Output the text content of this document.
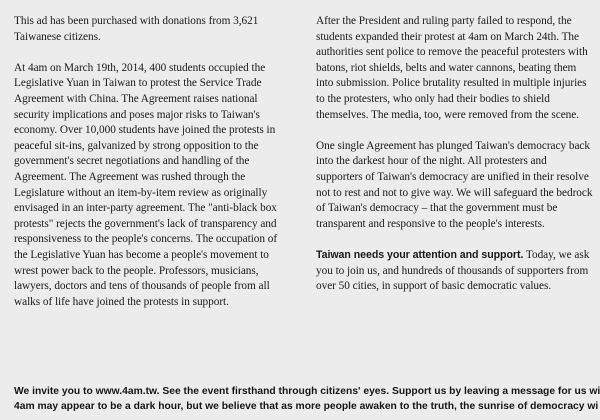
This ad has been purchased with donations from 3,621 Taiwanese citizens.

At 4am on March 19th, 2014, 400 students occupied the Legislative Yuan in Taiwan to protest the Service Trade Agreement with China. The Agreement raises national security implications and poses major risks to Taiwan's economy. Over 10,000 students have joined the protests in peaceful sit-ins, galvanized by strong opposition to the government's secret negotiations and handling of the Agreement. The Agreement was rushed through the Legislature without an item-by-item review as originally envisaged in an inter-party agreement. The "anti-black box protests" rejects the government's lack of transparency and responsiveness to the people's concerns. The occupation of the Legislative Yuan has become a people's movement to wrest power back to the people. Professors, musicians, lawyers, doctors and tens of thousands of people from all walks of life have joined the protests in support.

After the President and ruling party failed to respond, the students expanded their protest at 4am on March 24th. The authorities sent police to remove the peaceful protesters with batons, riot shields, belts and water cannons, beating them into submission. Police brutality resulted in multiple injuries to the protesters, who only had their bodies to shield themselves. The media, too, were removed from the scene.

One single Agreement has plunged Taiwan's democracy back into the darkest hour of the night. All protesters and supporters of Taiwan's democracy are unified in their resolve not to rest and not to give way. We will safeguard the bedrock of Taiwan's democracy – that the government must be transparent and responsive to the people's interests.

Taiwan needs your attention and support. Today, we ask you to join us, and hundreds of thousands of supporters from over 50 cities, in support of basic democratic values.

We invite you to www.4am.tw. See the event firsthand through citizens' eyes. Support us by leaving a message for us wi
4am may appear to be a dark hour, but we believe that as more people awaken to the truth, the sunrise of democracy wi
